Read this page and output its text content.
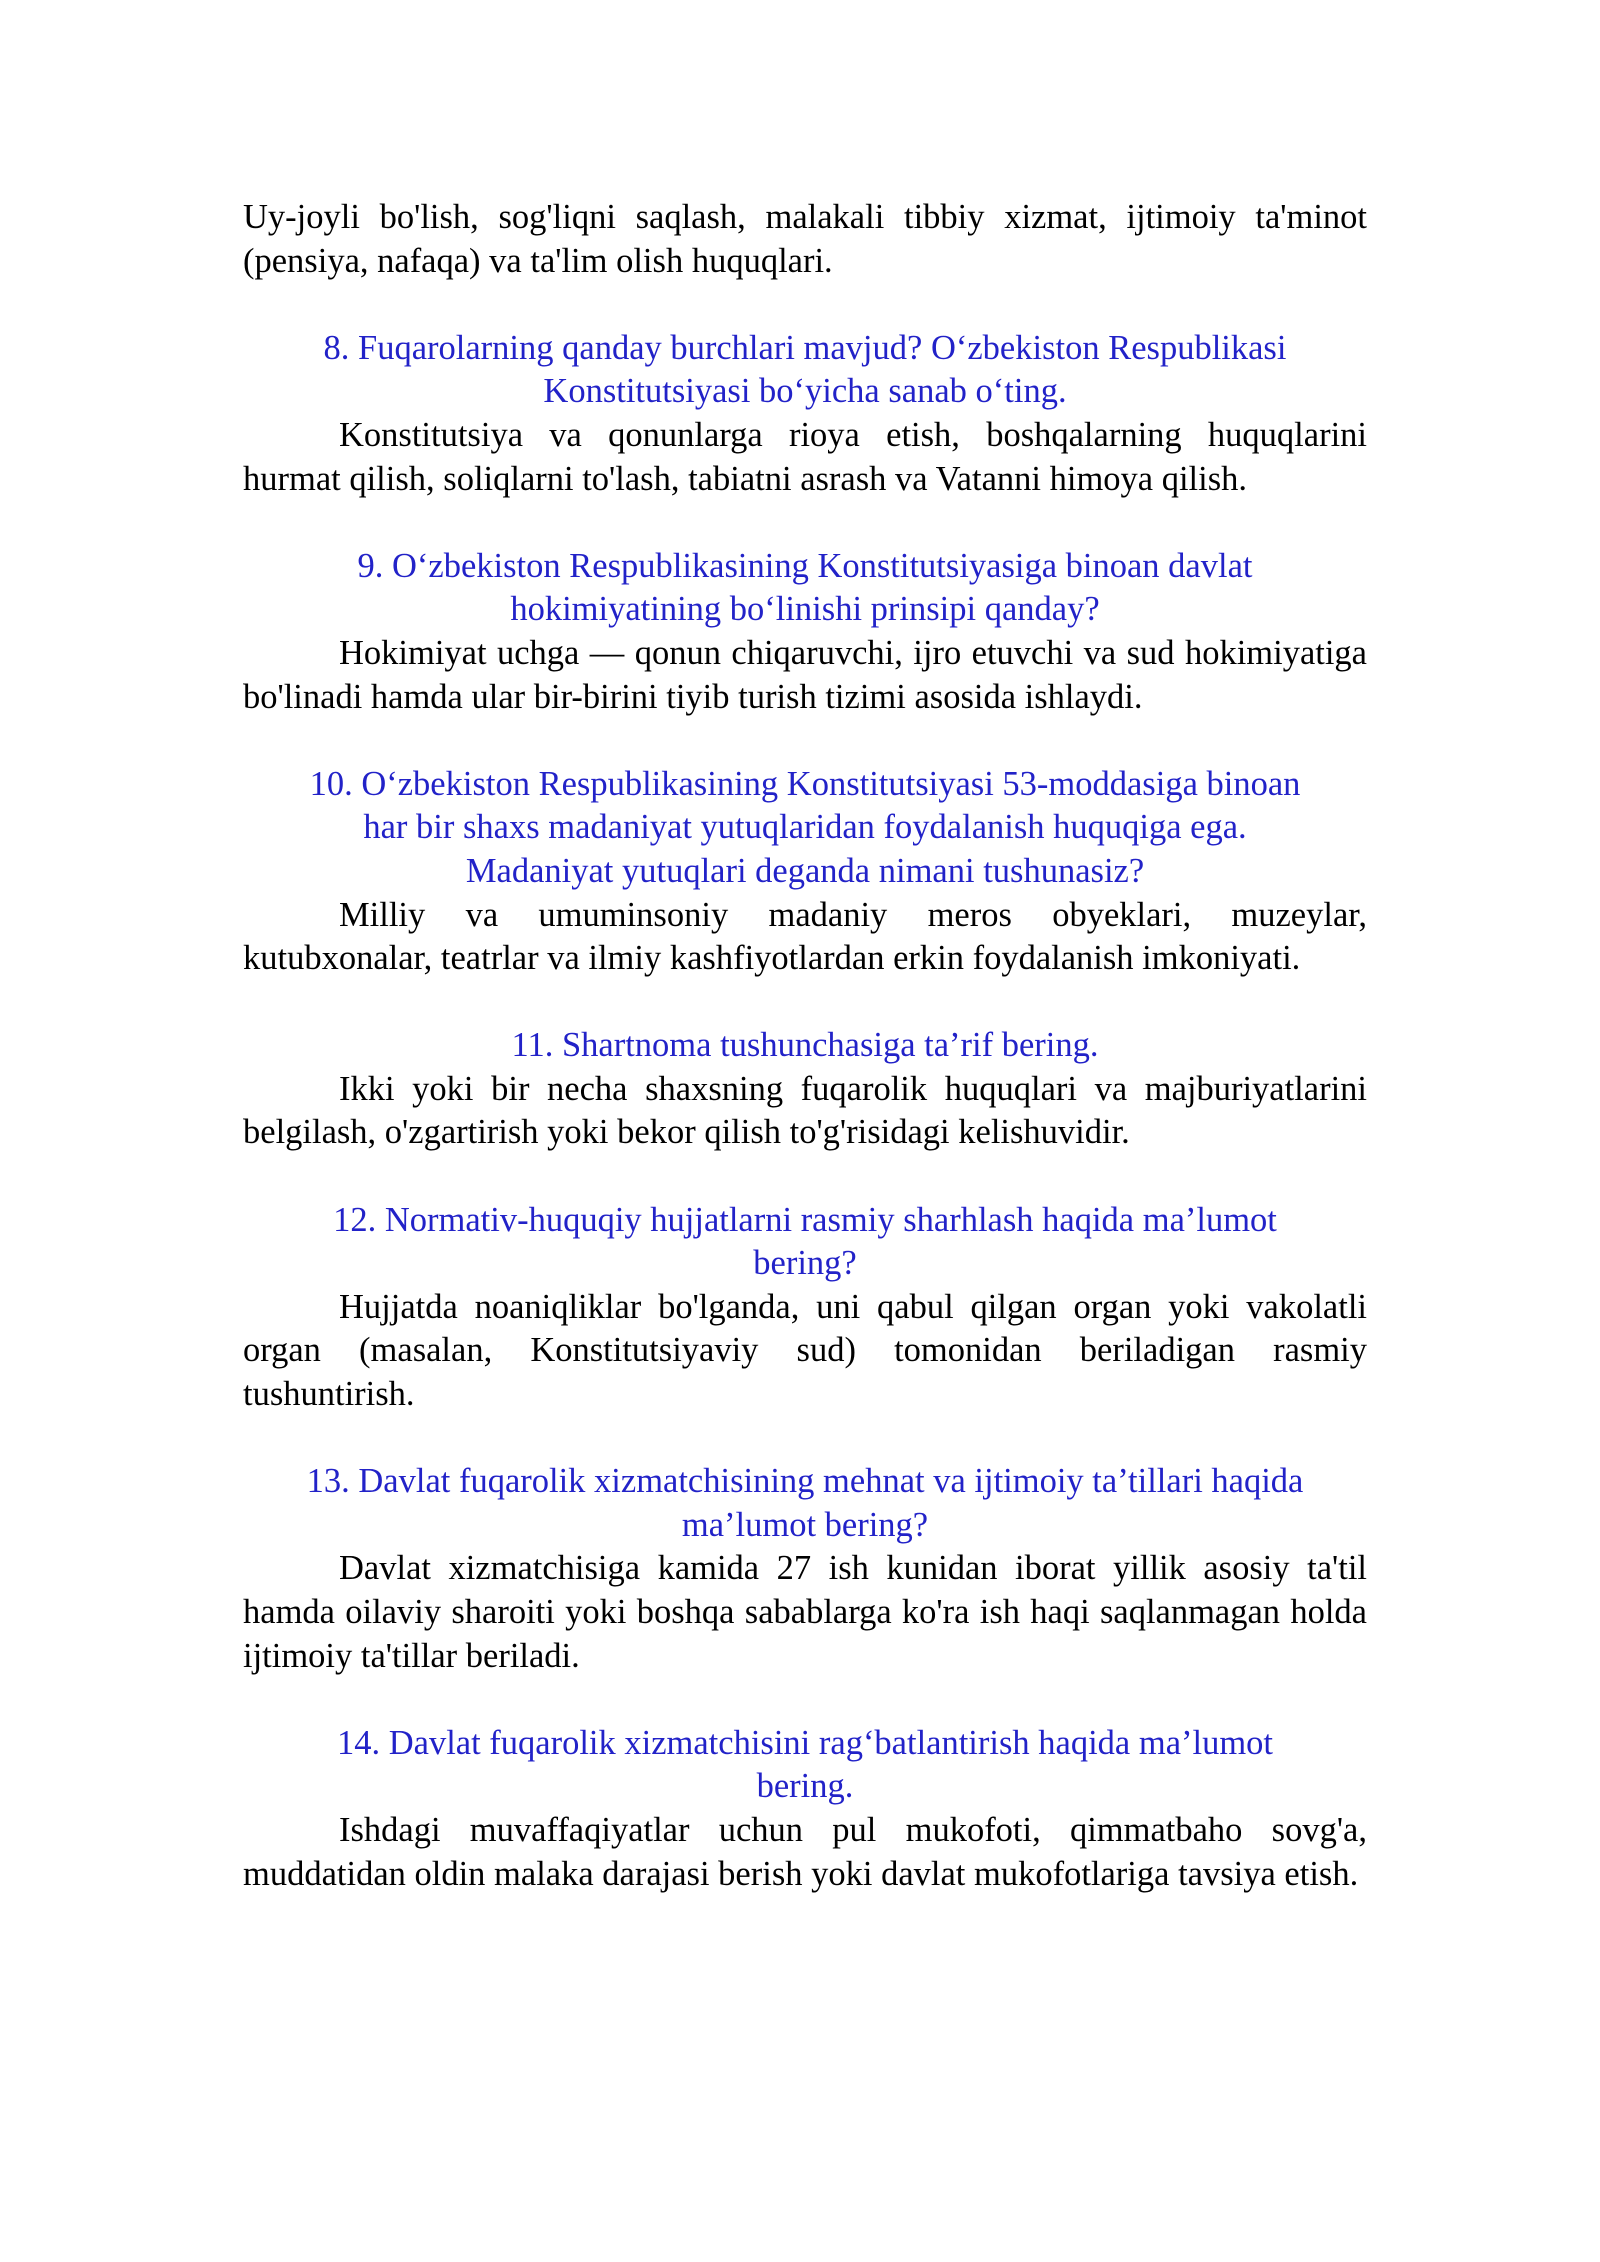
Uy-joyli bo'lish, sog'liqni saqlash, malakali tibbiy xizmat, ijtimoiy ta'minot (pensiya, nafaqa) va ta'lim olish huquqlari.

8. Fuqarolarning qanday burchlari mavjud? O‘zbekiston Respublikasi
Konstitutsiyasi bo‘yicha sanab o‘ting.

Konstitutsiya va qonunlarga rioya etish, boshqalarning huquqlarini hurmat qilish, soliqlarni to'lash, tabiatni asrash va Vatanni himoya qilish.

9. O‘zbekiston Respublikasining Konstitutsiyasiga binoan davlat
hokimiyatining bo‘linishi prinsipi qanday?

Hokimiyat uchga — qonun chiqaruvchi, ijro etuvchi va sud hokimiyatiga bo'linadi hamda ular bir-birini tiyib turish tizimi asosida ishlaydi.

10. O‘zbekiston Respublikasining Konstitutsiyasi 53-moddasiga binoan
har bir shaxs madaniyat yutuqlaridan foydalanish huquqiga ega.
Madaniyat yutuqlari deganda nimani tushunasiz?

Milliy va umuminsoniy madaniy meros obyeklari, muzeylar, kutubxonalar, teatrlar va ilmiy kashfiyotlardan erkin foydalanish imkoniyati.

11. Shartnoma tushunchasiga ta’rif bering.

Ikki yoki bir necha shaxsning fuqarolik huquqlari va majburiyatlarini belgilash, o'zgartirish yoki bekor qilish to'g'risidagi kelishuvidir.

12. Normativ-huquqiy hujjatlarni rasmiy sharhlash haqida ma’lumot
bering?

Hujjatda noaniqliklar bo'lganda, uni qabul qilgan organ yoki vakolatli organ (masalan, Konstitutsiyaviy sud) tomonidan beriladigan rasmiy tushuntirish.

13. Davlat fuqarolik xizmatchisining mehnat va ijtimoiy ta’tillari haqida
ma’lumot bering?

Davlat xizmatchisiga kamida 27 ish kunidan iborat yillik asosiy ta'til hamda oilaviy sharoiti yoki boshqa sabablarga ko'ra ish haqi saqlanmagan holda ijtimoiy ta'tillar beriladi.

14. Davlat fuqarolik xizmatchisini rag‘batlantirish haqida ma’lumot
bering.

Ishdagi muvaffaqiyatlar uchun pul mukofoti, qimmatbaho sovg'a, muddatidan oldin malaka darajasi berish yoki davlat mukofotlariga tavsiya etish.
